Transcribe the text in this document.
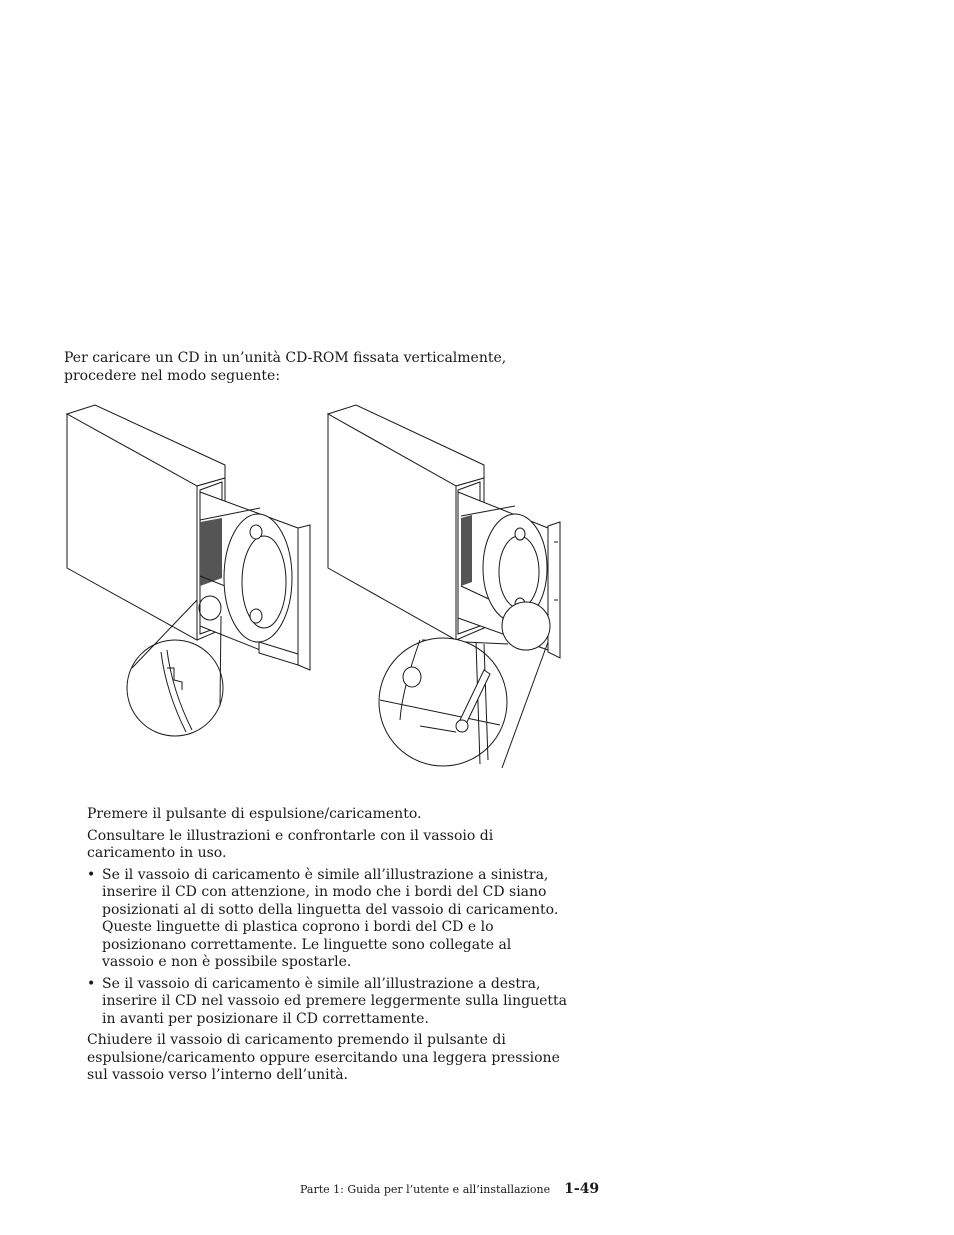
Per caricare un CD in un’unità CD-ROM fissata verticalmente, procedere nel modo seguente:

Premere il pulsante di espulsione/caricamento.

Consultare le illustrazioni e confrontarle con il vassoio di caricamento in uso.

• Se il vassoio di caricamento è simile all’illustrazione a sinistra, inserire il CD con attenzione, in modo che i bordi del CD siano posizionati al di sotto della linguetta del vassoio di caricamento. Queste linguette di plastica coprono i bordi del CD e lo posizionano correttamente. Le linguette sono collegate al vassoio e non è possibile spostarle.
• Se il vassoio di caricamento è simile all’illustrazione a destra, inserire il CD nel vassoio ed premere leggermente sulla linguetta in avanti per posizionare il CD correttamente.

Chiudere il vassoio di caricamento premendo il pulsante di espulsione/caricamento oppure esercitando una leggera pressione sul vassoio verso l’interno dell’unità.

Parte 1: Guida per l’utente e all’installazione 1-49
